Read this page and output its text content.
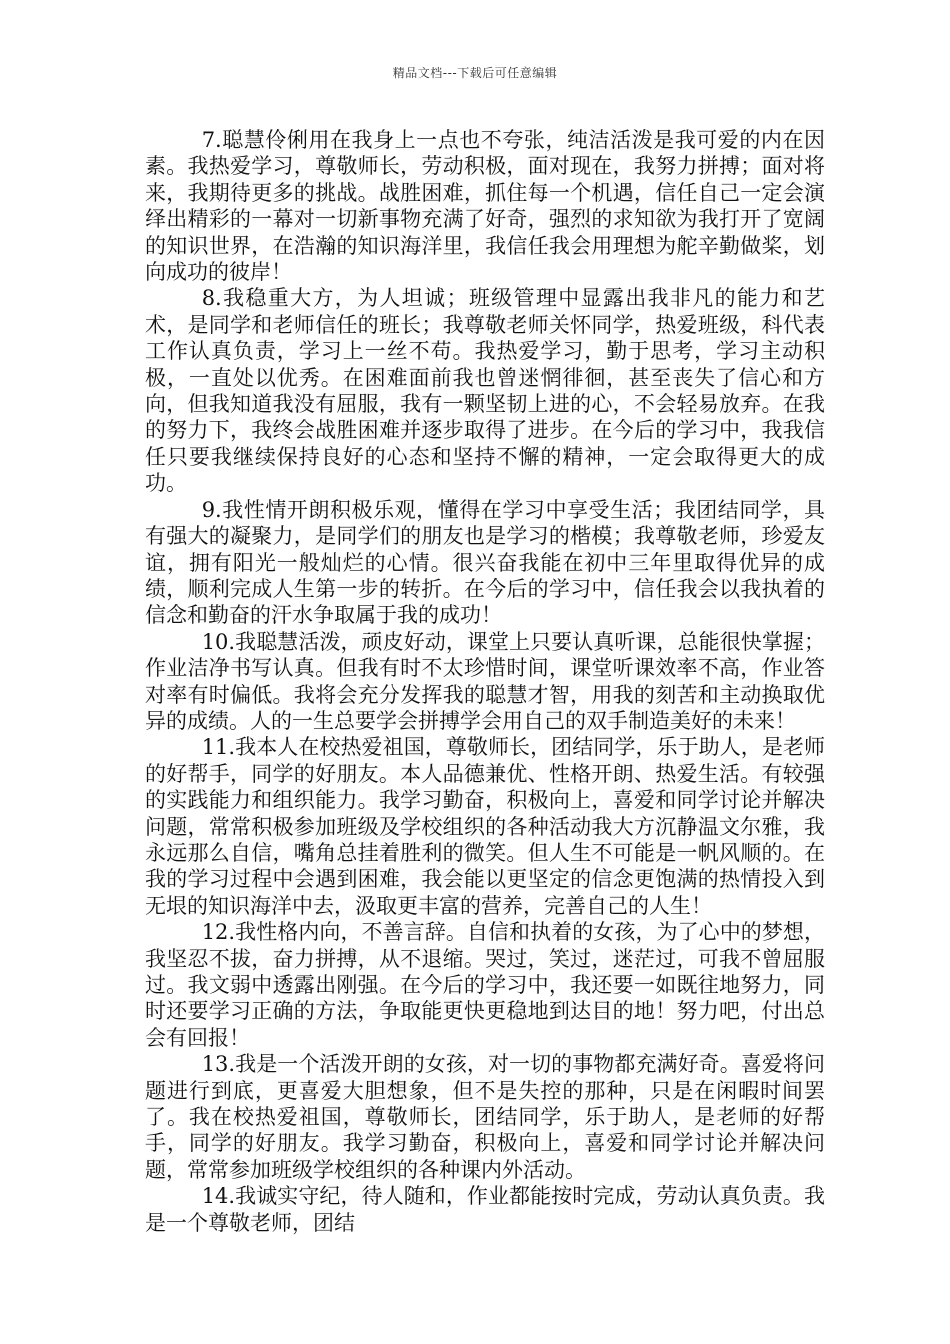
精品文档---下载后可任意编辑

7.聪慧伶俐用在我身上一点也不夸张，纯洁活泼是我可爱的内在因素。我热爱学习，尊敬师长，劳动积极，面对现在，我努力拼搏；面对将来，我期待更多的挑战。战胜困难，抓住每一个机遇，信任自己一定会演绎出精彩的一幕对一切新事物充满了好奇，强烈的求知欲为我打开了宽阔的知识世界，在浩瀚的知识海洋里，我信任我会用理想为舵辛勤做桨，划向成功的彼岸！

8.我稳重大方，为人坦诚；班级管理中显露出我非凡的能力和艺术，是同学和老师信任的班长；我尊敬老师关怀同学，热爱班级，科代表工作认真负责，学习上一丝不苟。我热爱学习，勤于思考，学习主动积极，一直处以优秀。在困难面前我也曾迷惘徘徊，甚至丧失了信心和方向，但我知道我没有屈服，我有一颗坚韧上进的心，不会轻易放弃。在我的努力下，我终会战胜困难并逐步取得了进步。在今后的学习中，我我信任只要我继续保持良好的心态和坚持不懈的精神，一定会取得更大的成功。

9.我性情开朗积极乐观，懂得在学习中享受生活；我团结同学，具有强大的凝聚力，是同学们的朋友也是学习的楷模；我尊敬老师，珍爱友谊，拥有阳光一般灿烂的心情。很兴奋我能在初中三年里取得优异的成绩，顺利完成人生第一步的转折。在今后的学习中，信任我会以我执着的信念和勤奋的汗水争取属于我的成功！

10.我聪慧活泼，顽皮好动，课堂上只要认真听课，总能很快掌握；作业洁净书写认真。但我有时不太珍惜时间，课堂听课效率不高，作业答对率有时偏低。我将会充分发挥我的聪慧才智，用我的刻苦和主动换取优异的成绩。人的一生总要学会拼搏学会用自己的双手制造美好的未来！

11.我本人在校热爱祖国，尊敬师长，团结同学，乐于助人，是老师的好帮手，同学的好朋友。本人品德兼优、性格开朗、热爱生活。有较强的实践能力和组织能力。我学习勤奋，积极向上，喜爱和同学讨论并解决问题，常常积极参加班级及学校组织的各种活动我大方沉静温文尔雅，我永远那么自信，嘴角总挂着胜利的微笑。但人生不可能是一帆风顺的。在我的学习过程中会遇到困难，我会能以更坚定的信念更饱满的热情投入到无垠的知识海洋中去，汲取更丰富的营养，完善自己的人生！

12.我性格内向，不善言辞。自信和执着的女孩，为了心中的梦想，我坚忍不拔，奋力拼搏，从不退缩。哭过，笑过，迷茫过，可我不曾屈服过。我文弱中透露出刚强。在今后的学习中，我还要一如既往地努力，同时还要学习正确的方法，争取能更快更稳地到达目的地！努力吧，付出总会有回报！

13.我是一个活泼开朗的女孩，对一切的事物都充满好奇。喜爱将问题进行到底，更喜爱大胆想象，但不是失控的那种，只是在闲暇时间罢了。我在校热爱祖国，尊敬师长，团结同学，乐于助人，是老师的好帮手，同学的好朋友。我学习勤奋，积极向上，喜爱和同学讨论并解决问题，常常参加班级学校组织的各种课内外活动。

14.我诚实守纪，待人随和，作业都能按时完成，劳动认真负责。我是一个尊敬老师，团结
